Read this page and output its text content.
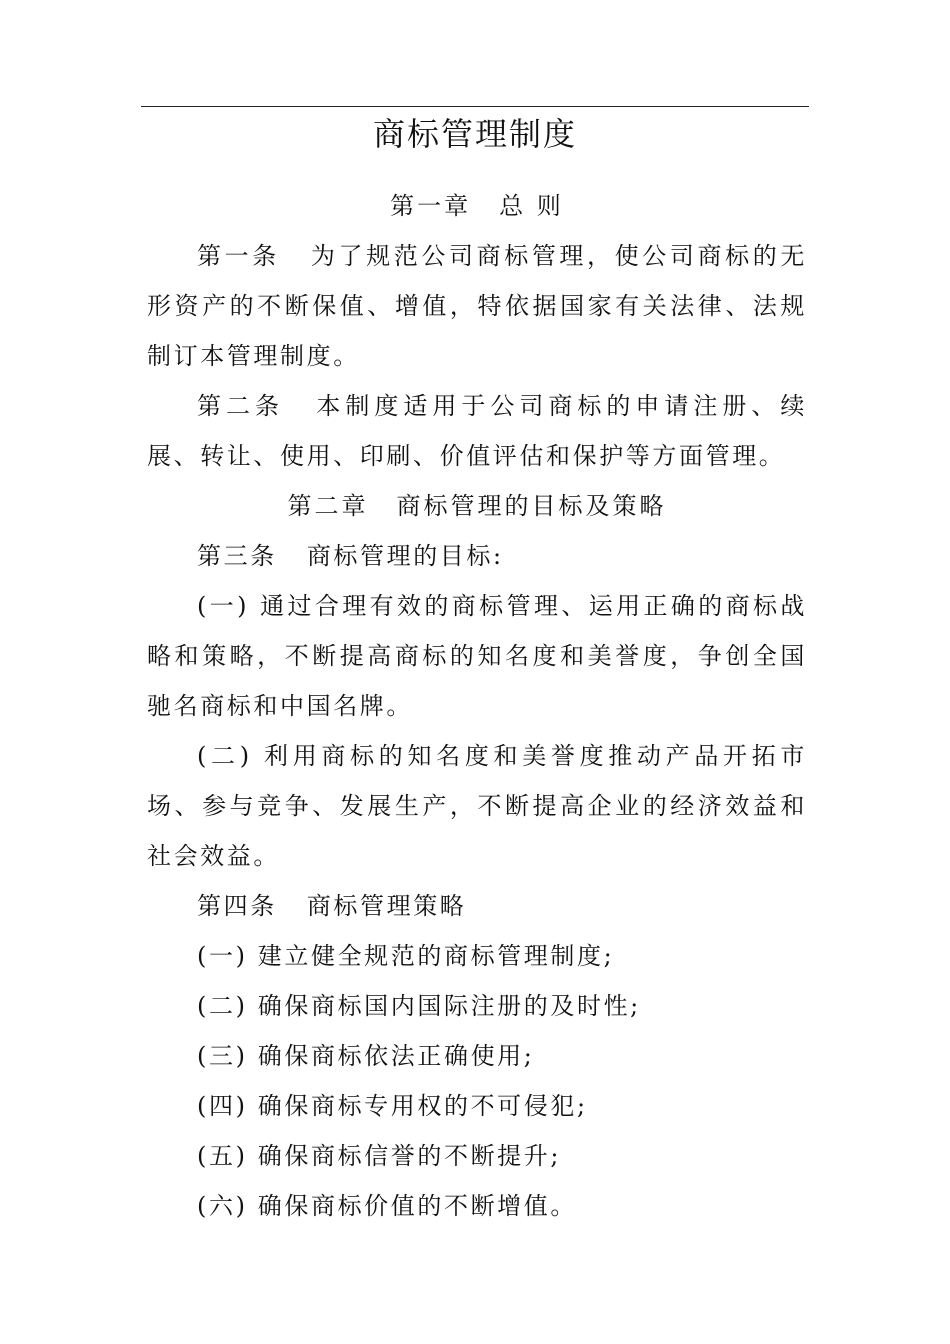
商标管理制度
第一章 总 则
第一条 为了规范公司商标管理，使公司商标的无形资产的不断保值、增值，特依据国家有关法律、法规制订本管理制度。
第二条 本制度适用于公司商标的申请注册、续展、转让、使用、印刷、价值评估和保护等方面管理。
第二章 商标管理的目标及策略
第三条 商标管理的目标:
(一) 通过合理有效的商标管理、运用正确的商标战略和策略，不断提高商标的知名度和美誉度，争创全国驰名商标和中国名牌。
(二) 利用商标的知名度和美誉度推动产品开拓市场、参与竞争、发展生产，不断提高企业的经济效益和社会效益。
第四条 商标管理策略
(一) 建立健全规范的商标管理制度;
(二) 确保商标国内国际注册的及时性;
(三) 确保商标依法正确使用;
(四) 确保商标专用权的不可侵犯;
(五) 确保商标信誉的不断提升;
(六) 确保商标价值的不断增值。
